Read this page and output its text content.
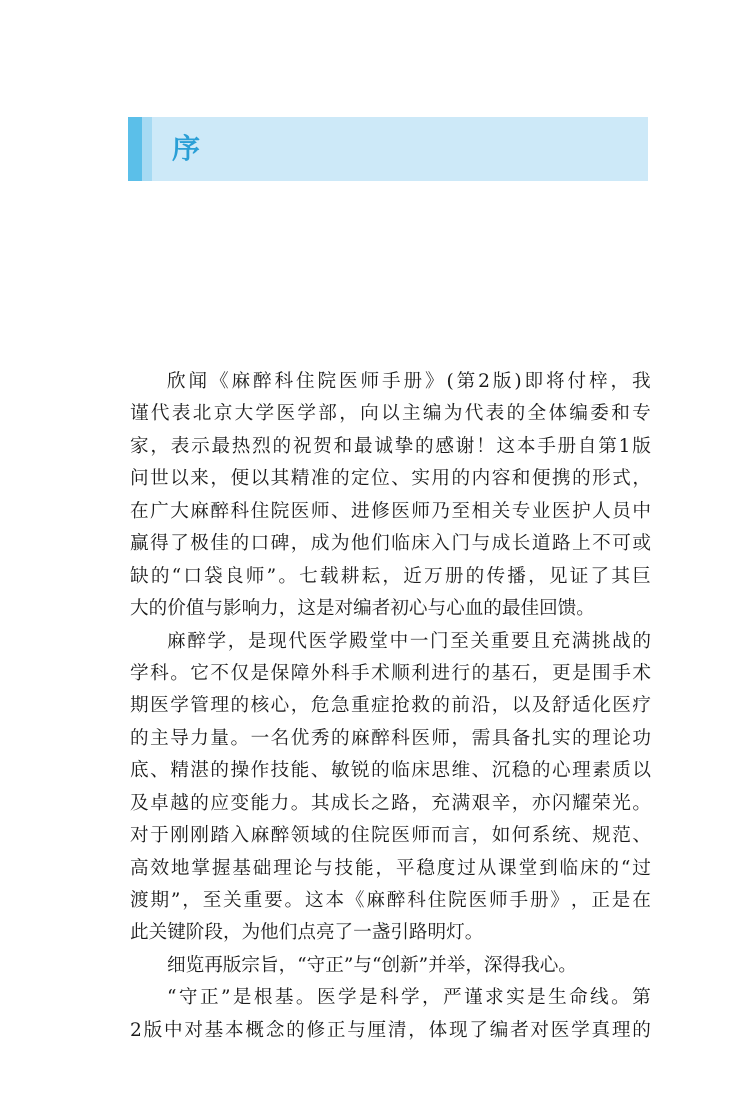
序
欣 闻 《 麻 醉 科 住 院 医 师 手 册 》 ( 第 2 版 ) 即 将 付 梓 ， 我
谨 代 表 北 京 大 学 医 学 部 ， 向 以 主 编 为 代 表 的 全 体 编 委 和 专
家 ， 表 示 最 热 烈 的 祝 贺 和 最 诚 挚 的 感 谢 ！ 这 本 手 册 自 第 1 版
问 世 以 来 ， 便 以 其 精 准 的 定 位 、 实 用 的 内 容 和 便 携 的 形 式 ，
在 广 大 麻 醉 科 住 院 医 师 、 进 修 医 师 乃 至 相 关 专 业 医 护 人 员 中
赢 得 了 极 佳 的 口 碑 ， 成 为 他 们 临 床 入 门 与 成 长 道 路 上 不 可 或
缺 的 “ 口 袋 良 师 ” 。 七 载 耕 耘 ， 近 万 册 的 传 播 ， 见 证 了 其 巨
大的价值与影响力，这是对编者初心与心血的最佳回馈。
麻 醉 学 ， 是 现 代 医 学 殿 堂 中 一 门 至 关 重 要 且 充 满 挑 战 的
学 科 。 它 不 仅 是 保 障 外 科 手 术 顺 利 进 行 的 基 石 ， 更 是 围 手 术
期 医 学 管 理 的 核 心 ， 危 急 重 症 抢 救 的 前 沿 ， 以 及 舒 适 化 医 疗
的 主 导 力 量 。 一 名 优 秀 的 麻 醉 科 医 师 ， 需 具 备 扎 实 的 理 论 功
底 、 精 湛 的 操 作 技 能 、 敏 锐 的 临 床 思 维 、 沉 稳 的 心 理 素 质 以
及 卓 越 的 应 变 能 力 。 其 成 长 之 路 ， 充 满 艰 辛 ， 亦 闪 耀 荣 光 。
对 于 刚 刚 踏 入 麻 醉 领 域 的 住 院 医 师 而 言 ， 如 何 系 统 、 规 范 、
高 效 地 掌 握 基 础 理 论 与 技 能 ， 平 稳 度 过 从 课 堂 到 临 床 的 “ 过
渡 期 ” ， 至 关 重 要 。 这 本 《 麻 醉 科 住 院 医 师 手 册 》 ， 正 是 在
此关键阶段，为他们点亮了一盏引路明灯。
细览再版宗旨，“守正”与“创新”并举，深得我心。
“ 守 正 ” 是 根 基 。 医 学 是 科 学 ， 严 谨 求 实 是 生 命 线 。 第
2 版 中 对 基 本 概 念 的 修 正 与 厘 清 ， 体 现 了 编 者 对 医 学 真 理 的
